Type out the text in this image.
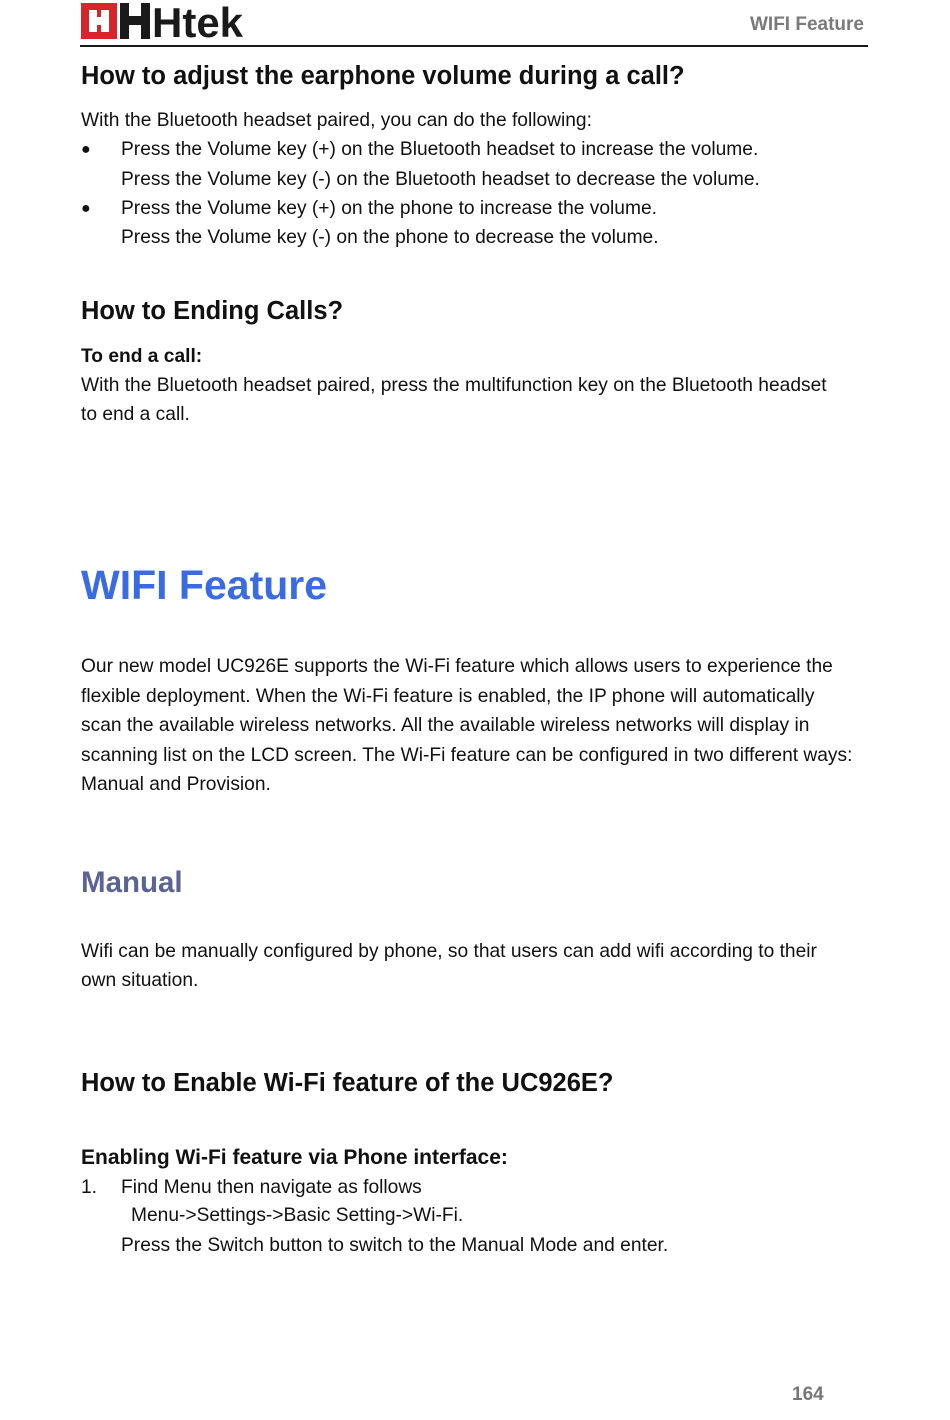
Htek	WIFI Feature
How to adjust the earphone volume during a call?
With the Bluetooth headset paired, you can do the following:
● Press the Volume key (+) on the Bluetooth headset to increase the volume.
Press the Volume key (-) on the Bluetooth headset to decrease the volume.
● Press the Volume key (+) on the phone to increase the volume.
Press the Volume key (-) on the phone to decrease the volume.
How to Ending Calls?
To end a call:
With the Bluetooth headset paired, press the multifunction key on the Bluetooth headset
to end a call.
WIFI Feature
Our new model UC926E supports the Wi-Fi feature which allows users to experience the
flexible deployment. When the Wi-Fi feature is enabled, the IP phone will automatically
scan the available wireless networks. All the available wireless networks will display in
scanning list on the LCD screen. The Wi-Fi feature can be configured in two different ways:
Manual and Provision.
Manual
Wifi can be manually configured by phone, so that users can add wifi according to their
own situation.
How to Enable Wi-Fi feature of the UC926E?
Enabling Wi-Fi feature via Phone interface:
1. Find Menu then navigate as follows
Menu->Settings->Basic Setting->Wi-Fi.
Press the Switch button to switch to the Manual Mode and enter.
164
